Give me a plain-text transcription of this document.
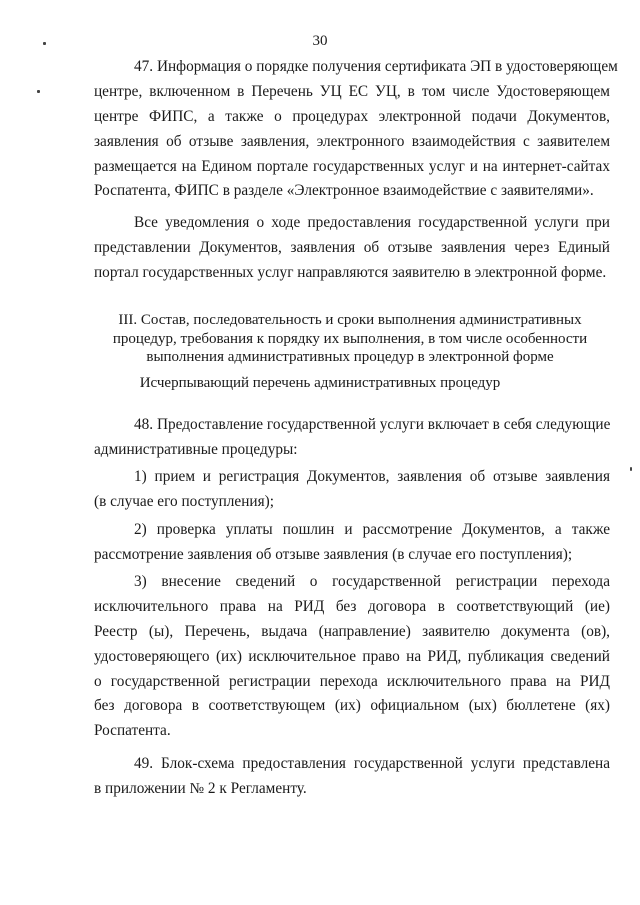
30
47. Информация о порядке получения сертификата ЭП в удостоверяющем
центре, включенном в Перечень УЦ ЕС УЦ, в том числе Удостоверяющем
центре ФИПС, а также о процедурах электронной подачи Документов,
заявления об отзыве заявления, электронного взаимодействия с заявителем
размещается на Едином портале государственных услуг и на интернет-сайтах
Роспатента, ФИПС в разделе «Электронное взаимодействие с заявителями».
Все уведомления о ходе предоставления государственной услуги при
представлении Документов, заявления об отзыве заявления через Единый
портал государственных услуг направляются заявителю в электронной форме.
III. Состав, последовательность и сроки выполнения административных
процедур, требования к порядку их выполнения, в том числе особенности
выполнения административных процедур в электронной форме
Исчерпывающий перечень административных процедур
48. Предоставление государственной услуги включает в себя следующие
административные процедуры:
1) прием и регистрация Документов, заявления об отзыве заявления
(в случае его поступления);
2) проверка уплаты пошлин и рассмотрение Документов, а также
рассмотрение заявления об отзыве заявления (в случае его поступления);
3) внесение сведений о государственной регистрации перехода
исключительного права на РИД без договора в соответствующий (ие)
Реестр (ы), Перечень, выдача (направление) заявителю документа (ов),
удостоверяющего (их) исключительное право на РИД, публикация сведений
о государственной регистрации перехода исключительного права на РИД
без договора в соответствующем (их) официальном (ых) бюллетене (ях)
Роспатента.
49. Блок-схема предоставления государственной услуги представлена
в приложении № 2 к Регламенту.
